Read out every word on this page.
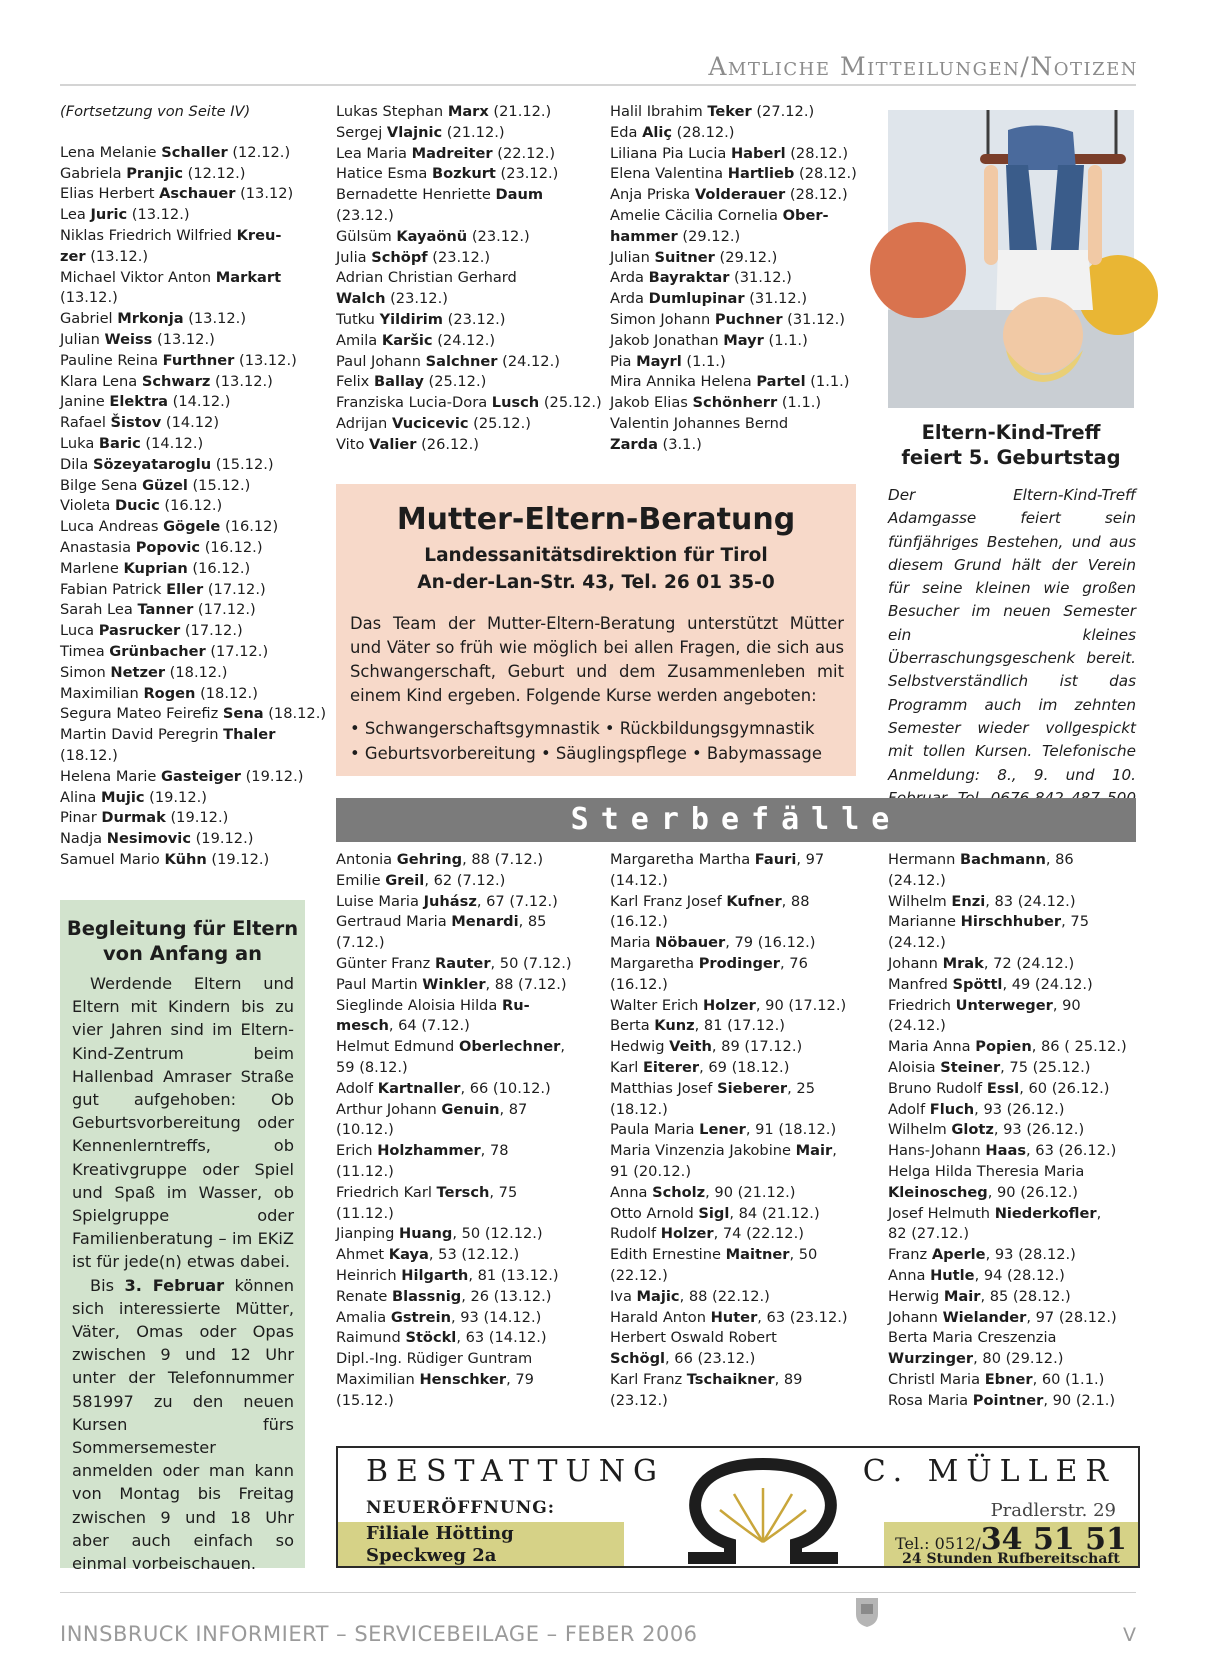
Amtliche Mitteilungen/Notizen
(Fortsetzung von Seite IV)
Lena Melanie Schaller (12.12.)
Gabriela Pranjic (12.12.)
Elias Herbert Aschauer (13.12)
Lea Juric (13.12.)
Niklas Friedrich Wilfried Kreu-
zer (13.12.)
Michael Viktor Anton Markart
(13.12.)
Gabriel Mrkonja (13.12.)
Julian Weiss (13.12.)
Pauline Reina Furthner (13.12.)
Klara Lena Schwarz (13.12.)
Janine Elektra (14.12.)
Rafael Šistov (14.12)
Luka Baric (14.12.)
Dila Sözeyataroglu (15.12.)
Bilge Sena Güzel (15.12.)
Violeta Ducic (16.12.)
Luca Andreas Gögele (16.12)
Anastasia Popovic (16.12.)
Marlene Kuprian (16.12.)
Fabian Patrick Eller (17.12.)
Sarah Lea Tanner (17.12.)
Luca Pasrucker (17.12.)
Timea Grünbacher (17.12.)
Simon Netzer (18.12.)
Maximilian Rogen (18.12.)
Segura Mateo Feirefiz Sena (18.12.)
Martin David Peregrin Thaler
(18.12.)
Helena Marie Gasteiger (19.12.)
Alina Mujic (19.12.)
Pinar Durmak (19.12.)
Nadja Nesimovic (19.12.)
Samuel Mario Kühn (19.12.)
Lukas Stephan Marx (21.12.)
Sergej Vlajnic (21.12.)
Lea Maria Madreiter (22.12.)
Hatice Esma Bozkurt (23.12.)
Bernadette Henriette Daum
(23.12.)
Gülsüm Kayaönü (23.12.)
Julia Schöpf (23.12.)
Adrian Christian Gerhard
Walch (23.12.)
Tutku Yildirim (23.12.)
Amila Karšic (24.12.)
Paul Johann Salchner (24.12.)
Felix Ballay (25.12.)
Franziska Lucia-Dora Lusch (25.12.)
Adrijan Vucicevic (25.12.)
Vito Valier (26.12.)
Halil Ibrahim Teker (27.12.)
Eda Aliç (28.12.)
Liliana Pia Lucia Haberl (28.12.)
Elena Valentina Hartlieb (28.12.)
Anja Priska Volderauer (28.12.)
Amelie Cäcilia Cornelia Ober-
hammer (29.12.)
Julian Suitner (29.12.)
Arda Bayraktar (31.12.)
Arda Dumlupinar (31.12.)
Simon Johann Puchner (31.12.)
Jakob Jonathan Mayr (1.1.)
Pia Mayrl (1.1.)
Mira Annika Helena Partel (1.1.)
Jakob Elias Schönherr (1.1.)
Valentin Johannes Bernd
Zarda (3.1.)
Eltern-Kind-Treff
feiert 5. Geburtstag
Der Eltern-Kind-Treff Adamgasse feiert sein fünfjähriges Bestehen, und aus diesem Grund hält der Verein für seine kleinen wie großen Besucher im neuen Semester ein kleines Überraschungsgeschenk bereit. Selbstverständlich ist das Programm auch im zehnten Semester wieder vollgespickt mit tollen Kursen. Telefonische Anmeldung: 8., 9. und 10.
Mutter-Eltern-Beratung
Landessanitätsdirektion für Tirol
An-der-Lan-Str. 43, Tel. 26 01 35-0
Das Team der Mutter-Eltern-Beratung unterstützt Mütter und Väter so früh wie möglich bei allen Fragen, die sich aus Schwangerschaft, Geburt und dem Zusammenleben mit einem Kind ergeben. Folgende Kurse werden angeboten:
• Schwangerschaftsgymnastik • Rückbildungsgymnastik
• Geburtsvorbereitung • Säuglingspflege • Babymassage
Sterbefälle
Antonia Gehring, 88 (7.12.)
Emilie Greil, 62 (7.12.)
Luise Maria Juhász, 67 (7.12.)
Gertraud Maria Menardi, 85
(7.12.)
Günter Franz Rauter, 50 (7.12.)
Paul Martin Winkler, 88 (7.12.)
Sieglinde Aloisia Hilda Ru-
mesch, 64 (7.12.)
Helmut Edmund Oberlechner,
59 (8.12.)
Adolf Kartnaller, 66 (10.12.)
Arthur Johann Genuin, 87
(10.12.)
Erich Holzhammer, 78
(11.12.)
Friedrich Karl Tersch, 75
(11.12.)
Jianping Huang, 50 (12.12.)
Ahmet Kaya, 53 (12.12.)
Heinrich Hilgarth, 81 (13.12.)
Renate Blassnig, 26 (13.12.)
Amalia Gstrein, 93 (14.12.)
Raimund Stöckl, 63 (14.12.)
Dipl.-Ing. Rüdiger Guntram
Maximilian Henschker, 79
(15.12.)
Margaretha Martha Fauri, 97
(14.12.)
Karl Franz Josef Kufner, 88
(16.12.)
Maria Nöbauer, 79 (16.12.)
Margaretha Prodinger, 76
(16.12.)
Walter Erich Holzer, 90 (17.12.)
Berta Kunz, 81 (17.12.)
Hedwig Veith, 89 (17.12.)
Karl Eiterer, 69 (18.12.)
Matthias Josef Sieberer, 25
(18.12.)
Paula Maria Lener, 91 (18.12.)
Maria Vinzenzia Jakobine Mair,
91 (20.12.)
Anna Scholz, 90 (21.12.)
Otto Arnold Sigl, 84 (21.12.)
Rudolf Holzer, 74 (22.12.)
Edith Ernestine Maitner, 50
(22.12.)
Iva Majic, 88 (22.12.)
Harald Anton Huter, 63 (23.12.)
Herbert Oswald Robert
Schögl, 66 (23.12.)
Karl Franz Tschaikner, 89
(23.12.)
Hermann Bachmann, 86
(24.12.)
Wilhelm Enzi, 83 (24.12.)
Marianne Hirschhuber, 75
(24.12.)
Johann Mrak, 72 (24.12.)
Manfred Spöttl, 49 (24.12.)
Friedrich Unterweger, 90
(24.12.)
Maria Anna Popien, 86 ( 25.12.)
Aloisia Steiner, 75 (25.12.)
Bruno Rudolf Essl, 60 (26.12.)
Adolf Fluch, 93 (26.12.)
Wilhelm Glotz, 93 (26.12.)
Hans-Johann Haas, 63 (26.12.)
Helga Hilda Theresia Maria
Kleinoscheg, 90 (26.12.)
Josef Helmuth Niederkofler,
82 (27.12.)
Franz Aperle, 93 (28.12.)
Anna Hutle, 94 (28.12.)
Herwig Mair, 85 (28.12.)
Johann Wielander, 97 (28.12.)
Berta Maria Creszenzia
Wurzinger, 80 (29.12.)
Christl Maria Ebner, 60 (1.1.)
Rosa Maria Pointner, 90 (2.1.)
Begleitung für Eltern
von Anfang an

Werdende Eltern und Eltern mit Kindern bis zu vier Jahren sind im Eltern-Kind-Zentrum beim Hallenbad Amraser Straße gut aufgehoben: Ob Geburtsvorbereitung oder Kennenlerntreffs, ob Kreativgruppe oder Spiel und Spaß im Wasser, ob Spielgruppe oder Familienberatung – im EKiZ ist für jede(n) etwas dabei.

Bis 3. Februar können sich interessierte Mütter, Väter, Omas oder Opas zwischen 9 und 12 Uhr unter der Telefonnummer 581997 zu den neuen Kursen fürs Sommersemester anmelden oder man kann von Montag bis Freitag zwischen 9 und 18 Uhr aber auch einfach so einmal vorbeischauen.

BESTATTUNG
NEUERÖFFNUNG:
Filiale Hötting
Speckweg 2a
C. MÜLLER
Pradlerstr. 29
Tel.: 0512/34 51 51
24 Stunden Rufbereitschaft
INNSBRUCK INFORMIERT – SERVICEBEILAGE – FEBER 2006	V
